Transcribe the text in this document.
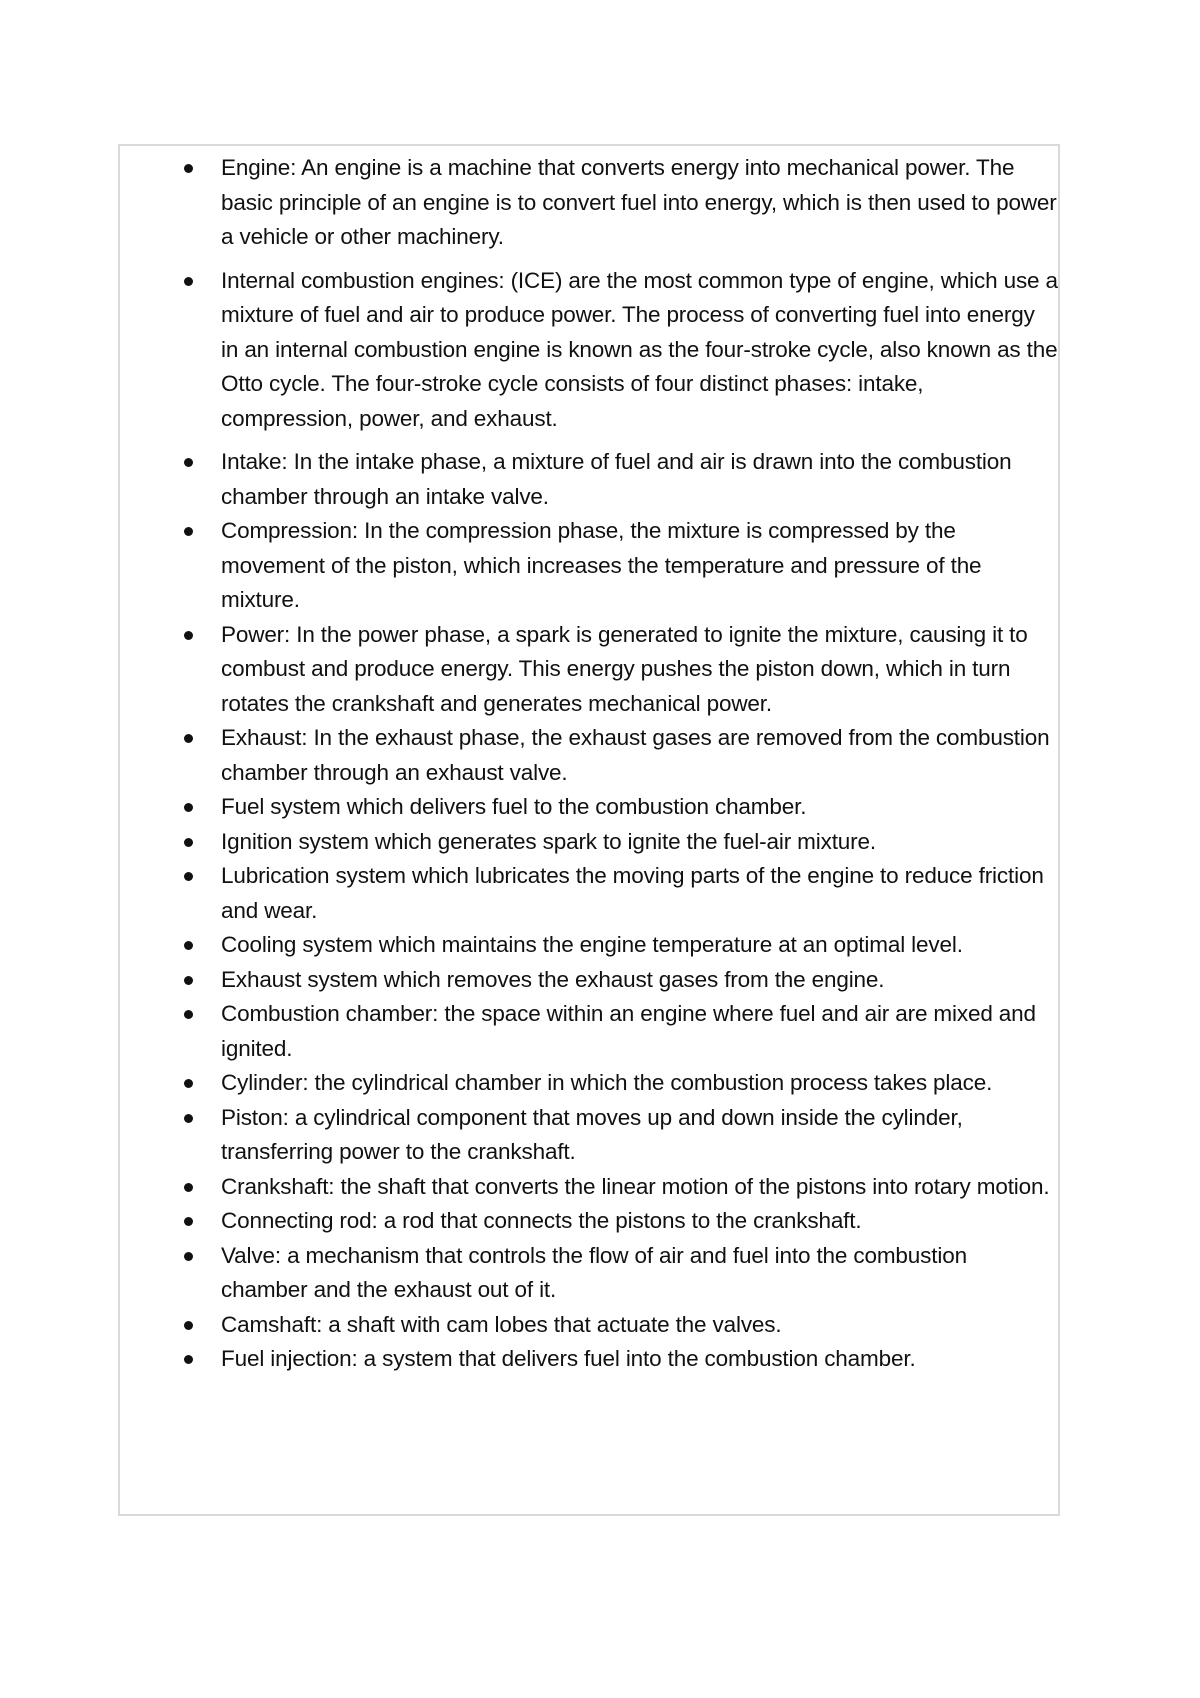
Engine: An engine is a machine that converts energy into mechanical power. The basic principle of an engine is to convert fuel into energy, which is then used to power a vehicle or other machinery.
Internal combustion engines: (ICE) are the most common type of engine, which use a mixture of fuel and air to produce power. The process of converting fuel into energy in an internal combustion engine is known as the four-stroke cycle, also known as the Otto cycle. The four-stroke cycle consists of four distinct phases: intake, compression, power, and exhaust.
Intake: In the intake phase, a mixture of fuel and air is drawn into the combustion chamber through an intake valve.
Compression: In the compression phase, the mixture is compressed by the movement of the piston, which increases the temperature and pressure of the mixture.
Power: In the power phase, a spark is generated to ignite the mixture, causing it to combust and produce energy. This energy pushes the piston down, which in turn rotates the crankshaft and generates mechanical power.
Exhaust: In the exhaust phase, the exhaust gases are removed from the combustion chamber through an exhaust valve.
Fuel system which delivers fuel to the combustion chamber.
Ignition system which generates spark to ignite the fuel-air mixture.
Lubrication system which lubricates the moving parts of the engine to reduce friction and wear.
Cooling system which maintains the engine temperature at an optimal level.
Exhaust system which removes the exhaust gases from the engine.
Combustion chamber: the space within an engine where fuel and air are mixed and ignited.
Cylinder: the cylindrical chamber in which the combustion process takes place.
Piston: a cylindrical component that moves up and down inside the cylinder, transferring power to the crankshaft.
Crankshaft: the shaft that converts the linear motion of the pistons into rotary motion.
Connecting rod: a rod that connects the pistons to the crankshaft.
Valve: a mechanism that controls the flow of air and fuel into the combustion chamber and the exhaust out of it.
Camshaft: a shaft with cam lobes that actuate the valves.
Fuel injection: a system that delivers fuel into the combustion chamber.
